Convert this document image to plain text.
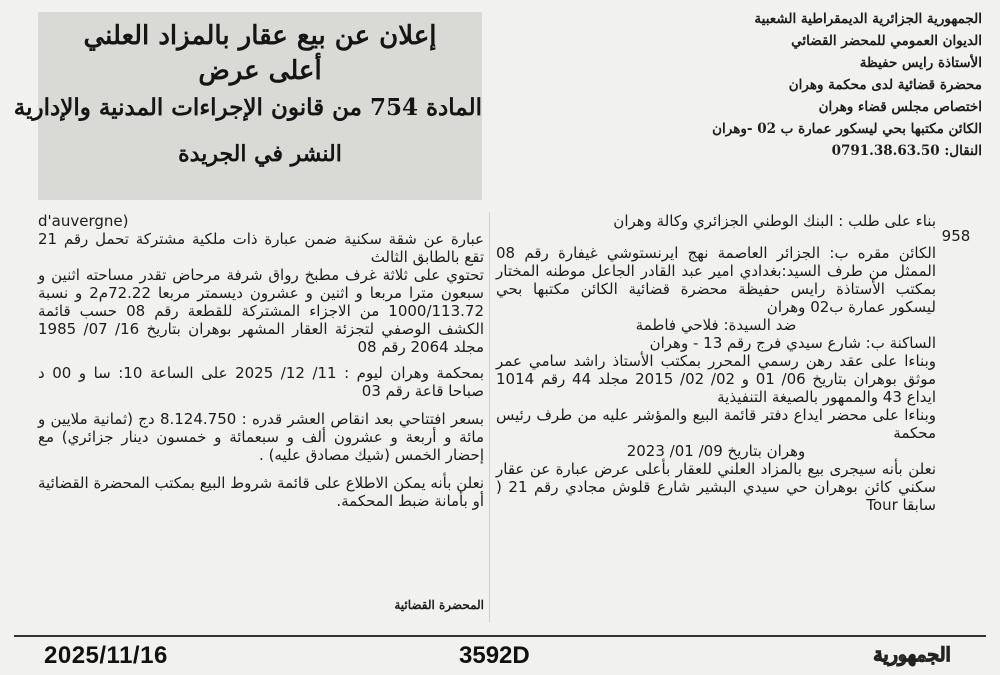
الجمهورية الجزائرية الديمقراطية الشعبية
الديوان العمومي للمحضر القضائي
الأستاذة رايس حفيظة
محضرة قضائية لدى محكمة وهران
اختصاص مجلس قضاء وهران
الكائن مكتبها بحي ليسكور عمارة ب 02 -وهران
النقال: 0791.38.63.50
إعلان عن بيع عقار بالمزاد العلني
أعلى عرض
المادة 754 من قانون الإجراءات المدنية والإدارية
النشر في الجريدة
958

بناء على طلب : البنك الوطني الجزائري وكالة وهران

الكائن مقره ب: الجزائر العاصمة نهج ايرنستوشي غيفارة رقم 08 الممثل من طرف السيد:بغدادي امير عبد القادر الجاعل موطنه المختار بمكتب الأستاذة رايس حفيظة محضرة قضائية الكائن مكتبها بحي ليسكور عمارة ب02 وهران

ضد السيدة: فلاحي فاطمة

الساكنة ب: شارع سيدي فرج رقم 13 - وهران

وبناءا على عقد رهن رسمي المحرر بمكتب الأستاذ راشد سامي عمر موثق بوهران بتاريخ 06/ 01 و 02/ 02/ 2015 مجلد 44 رقم 1014 ايداع 43 والممهور بالصيغة التنفيذية

وبناءا على محضر ايداع دفتر قائمة البيع والمؤشر عليه من طرف رئيس محكمة

وهران بتاريخ 09/ 01/ 2023

نعلن بأنه سيجرى بيع بالمزاد العلني للعقار بأعلى عرض عبارة عن عقار سكني كائن بوهران حي سيدي البشير شارع قلوش مجادي رقم 21 ( سابقا Tour

d'auvergne)

عبارة عن شقة سكنية ضمن عبارة ذات ملكية مشتركة تحمل رقم 21 تقع بالطابق الثالث

تحتوي على ثلاثة غرف مطبخ رواق شرفة مرحاض تقدر مساحته اثنين و سبعون مترا مربعا و اثنين و عشرون ديسمتر مربعا 72.22م2 و نسبة 1000/113.72 من الاجزاء المشتركة للقطعة رقم 08 حسب قائمة الكشف الوصفي لتجزئة العقار المشهر بوهران بتاريخ 16/ 07/ 1985 مجلد 2064 رقم 08

بمحكمة وهران ليوم : 11/ 12/ 2025 على الساعة 10: سا و 00 د صباحا قاعة رقم 03

بسعر افتتاحي بعد انقاص العشر قدره : 8.124.750 دج (ثمانية ملايين و مائة و أربعة و عشرون ألف و سبعمائة و خمسون دينار جزائري) مع إحضار الخمس (شيك مصادق عليه) .

نعلن بأنه يمكن الاطلاع على قائمة شروط البيع بمكتب المحضرة القضائية أو بأمانة ضبط المحكمة.

المحضرة القضائية
2025/11/16	3592D	الجمهورية
